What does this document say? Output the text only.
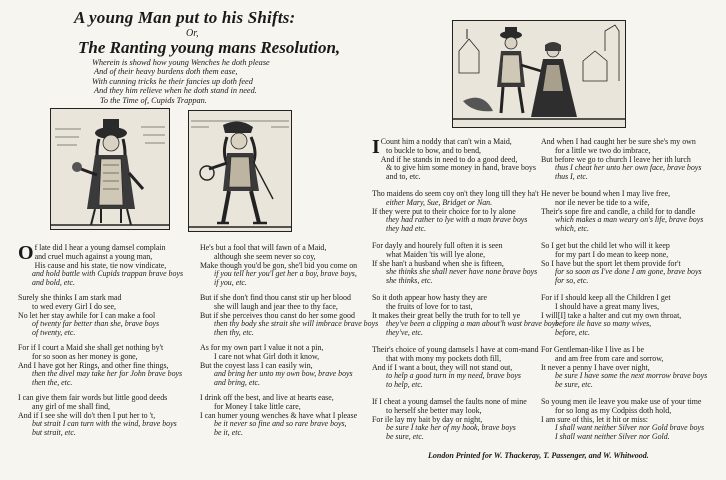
A young Man put to his Shifts:
Or,
The Ranting young mans Resolution,
Wherein is showd how young Wenches he doth please
And of their heavy burdens doth them ease,
With cunning tricks he their fancies up doth feed
And they him relieve when he doth stand in need.
To the Time of, Cupids Trappan.
O f late did I hear a young damsel complain
and cruel much against a young man,
His cause and his state, tie now vindicate,
and hold battle with Cupids trappan brave boys
and bold, etc.
Surely she thinks I am stark mad
to wed every Girl I do see,
No let her stay awhile for I can make a fool
of twenty far better than she, brave boys
of twenty, etc.
For if I court a Maid she shall get nothing by't
for so soon as her money is gone,
And I have got her Rings, and other fine things,
then the divel may take her for John brave boys
then the, etc.
I can give them fair words but little good deeds
any girl of me shall find,
And if I see she will do't then I put her to 't,
but strait I can turn with the wind, brave boys
but strait, etc.
He's but a fool that will fawn of a Maid,
although she seem never so coy,
Make though you'd be gon, she'l bid you come on
if you tell her you'l get her a boy, brave boys,
if you, etc.
But if she don't find thou canst stir up her blood
she will laugh and jear thee to thy face,
But if she perceives thou canst do her some good
then thy body she strait she will imbrace brave boys
then thy, etc.
As for my own part I value it not a pin,
I care not what Girl doth it know,
But the coyest lass I can easily win,
and bring her unto my own bow, brave boys
and bring, etc.
I drink off the best, and live at hearts ease,
for Money I take little care,
I can humer young wenches & have what I please
be it never so fine and so rare brave boys,
be it, etc.
I Count him a noddy that can't win a Maid,
to buckle to bow, and to bend,
And if he stands in need to do a good deed,
& to give him some money in hand, brave boys
and to, etc.
Tho maidens do seem coy on't they long till they ha't
either Mary, Sue, Bridget or Nan.
If they were put to their choice for to ly alone
they had rather to lye with a man brave boys
they had etc.
For dayly and hourely full often it is seen
what Maiden 'tis will lye alone,
If she han't a husband when she is fifteen,
she thinks she shall never have none brave boys
she thinks, etc.
So it doth appear how hasty they are
the fruits of love for to tast,
It makes their great belly the truth for to tell ye
they've been a clipping a man about'h wast brave boys
they've, etc.
Their's choice of young damsels I have at com-mand
that with mony my pockets doth fill,
And if I want a bout, they will not stand out,
to help a good turn in my need, brave boys
to help, etc.
If I cheat a young damsel the faults none of mine
to herself she better may look,
For ile lay my bait by day or night,
be sure I take her of my hook, brave boys
be sure, etc.
And when I had caught her be sure she's my own
for a little we two do imbrace,
But before we go to church I leave her ith lurch
thus I cheat her unto her own face, brave boys
thus I, etc.
He never be bound when I may live free,
nor ile never be tide to a wife,
Their's sope fire and candle, a child for to dandle
which makes a man weary on's life, brave boys
which, etc.
So I get but the child let who will it keep
for my part I do mean to keep none,
So I have but the sport let them provide for't
for so soon as I've done I am gone, brave boys
for so, etc.
For if I should keep all the Children I get
I should have a great many lives,
I will[I] take a halter and cut my own throat,
before ile have so many wives,
before, etc.
For Gentleman-like I live as I be
and am free from care and sorrow,
It never a penny I have over night,
be sure I have some the next morrow brave boys
be sure, etc.
So young men ile leave you make use of your time
for so long as my Codpiss doth hold,
I am sure of this, let it hit or miss:
I shall want neither Silver nor Gold brave boys
I shall want neither Silver nor Gold.
London Printed for W. Thackeray, T. Passenger, and W. Whitwood.
